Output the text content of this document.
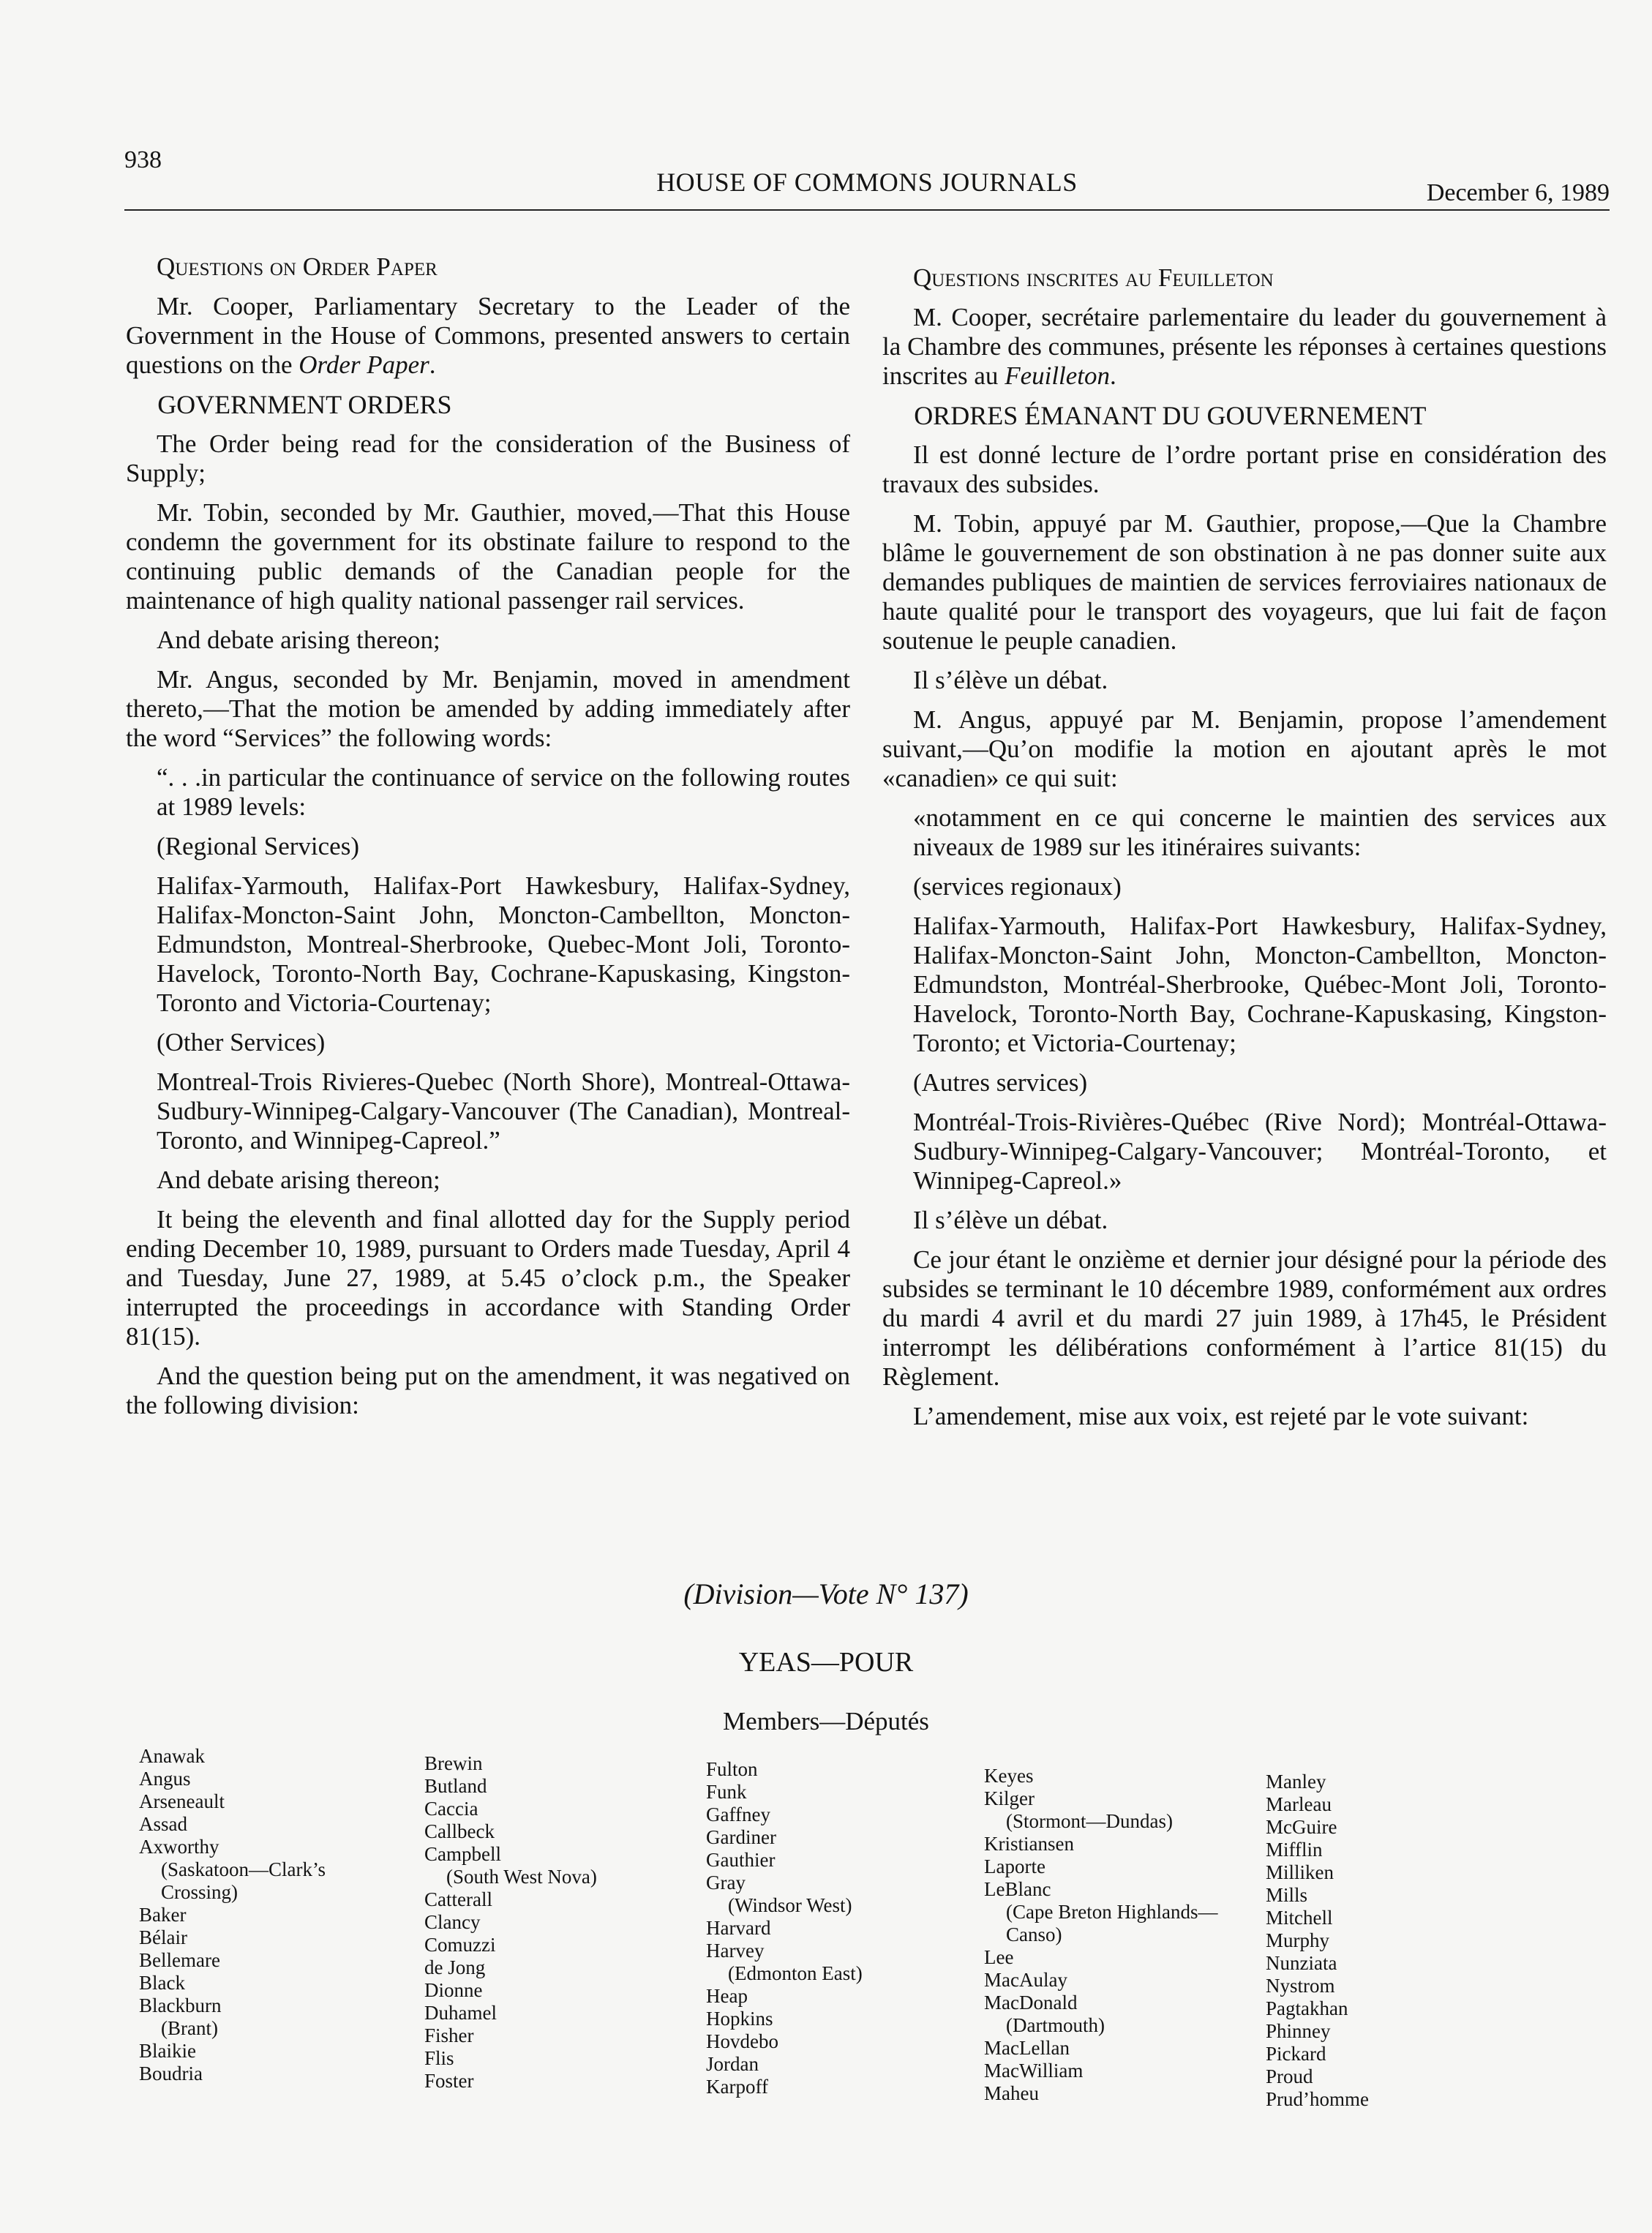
938
HOUSE OF COMMONS JOURNALS	December 6, 1989

Questions on Order Paper

Mr. Cooper, Parliamentary Secretary to the Leader of the Government in the House of Commons, presented answers to certain questions on the Order Paper.

GOVERNMENT ORDERS

The Order being read for the consideration of the Business of Supply;

Mr. Tobin, seconded by Mr. Gauthier, moved,—That this House condemn the government for its obstinate failure to respond to the continuing public demands of the Canadian people for the maintenance of high quality national passenger rail services.

And debate arising thereon;

Mr. Angus, seconded by Mr. Benjamin, moved in amendment thereto,—That the motion be amended by adding immediately after the word “Services” the following words:

“. . .in particular the continuance of service on the following routes at 1989 levels:

(Regional Services)

Halifax-Yarmouth, Halifax-Port Hawkesbury, Halifax-Sydney, Halifax-Moncton-Saint John, Moncton-Cambellton, Moncton-Edmundston, Montreal-Sherbrooke, Quebec-Mont Joli, Toronto-Havelock, Toronto-North Bay, Cochrane-Kapuskasing, Kingston-Toronto and Victoria-Courtenay;

(Other Services)

Montreal-Trois Rivieres-Quebec (North Shore), Montreal-Ottawa-Sudbury-Winnipeg-Calgary-Vancouver (The Canadian), Montreal-Toronto, and Winnipeg-Capreol.”

And debate arising thereon;

It being the eleventh and final allotted day for the Supply period ending December 10, 1989, pursuant to Orders made Tuesday, April 4 and Tuesday, June 27, 1989, at 5.45 o’clock p.m., the Speaker interrupted the proceedings in accordance with Standing Order 81(15).

And the question being put on the amendment, it was negatived on the following division:

Questions inscrites au Feuilleton

M. Cooper, secrétaire parlementaire du leader du gouvernement à la Chambre des communes, présente les réponses à certaines questions inscrites au Feuilleton.

ORDRES ÉMANANT DU GOUVERNEMENT

Il est donné lecture de l’ordre portant prise en considération des travaux des subsides.

M. Tobin, appuyé par M. Gauthier, propose,—Que la Chambre blâme le gouvernement de son obstination à ne pas donner suite aux demandes publiques de maintien de services ferroviaires nationaux de haute qualité pour le transport des voyageurs, que lui fait de façon soutenue le peuple canadien.

Il s’élève un débat.

M. Angus, appuyé par M. Benjamin, propose l’amendement suivant,—Qu’on modifie la motion en ajoutant après le mot «canadien» ce qui suit:

«notamment en ce qui concerne le maintien des services aux niveaux de 1989 sur les itinéraires suivants:

(services regionaux)

Halifax-Yarmouth, Halifax-Port Hawkesbury, Halifax-Sydney, Halifax-Moncton-Saint John, Moncton-Cambellton, Moncton-Edmundston, Montréal-Sherbrooke, Québec-Mont Joli, Toronto-Havelock, Toronto-North Bay, Cochrane-Kapuskasing, Kingston-Toronto; et Victoria-Courtenay;

(Autres services)

Montréal-Trois-Rivières-Québec (Rive Nord); Montréal-Ottawa-Sudbury-Winnipeg-Calgary-Vancouver; Montréal-Toronto, et Winnipeg-Capreol.»

Il s’élève un débat.

Ce jour étant le onzième et dernier jour désigné pour la période des subsides se terminant le 10 décembre 1989, conformément aux ordres du mardi 4 avril et du mardi 27 juin 1989, à 17h45, le Président interrompt les délibérations conformément à l’artice 81(15) du Règlement.

L’amendement, mise aux voix, est rejeté par le vote suivant:

(Division—Vote N° 137)
YEAS—POUR
Members—Députés
Anawak
Angus
Arseneault
Assad
Axworthy
(Saskatoon—Clark’s
Crossing)
Baker
Bélair
Bellemare
Black
Blackburn
(Brant)
Blaikie
Boudria
Brewin
Butland
Caccia
Callbeck
Campbell
(South West Nova)
Catterall
Clancy
Comuzzi
de Jong
Dionne
Duhamel
Fisher
Flis
Foster
Fulton
Funk
Gaffney
Gardiner
Gauthier
Gray
(Windsor West)
Harvard
Harvey
(Edmonton East)
Heap
Hopkins
Hovdebo
Jordan
Karpoff
Keyes
Kilger
(Stormont—Dundas)
Kristiansen
Laporte
LeBlanc
(Cape Breton Highlands—
Canso)
Lee
MacAulay
MacDonald
(Dartmouth)
MacLellan
MacWilliam
Maheu
Manley
Marleau
McGuire
Mifflin
Milliken
Mills
Mitchell
Murphy
Nunziata
Nystrom
Pagtakhan
Phinney
Pickard
Proud
Prud’homme
